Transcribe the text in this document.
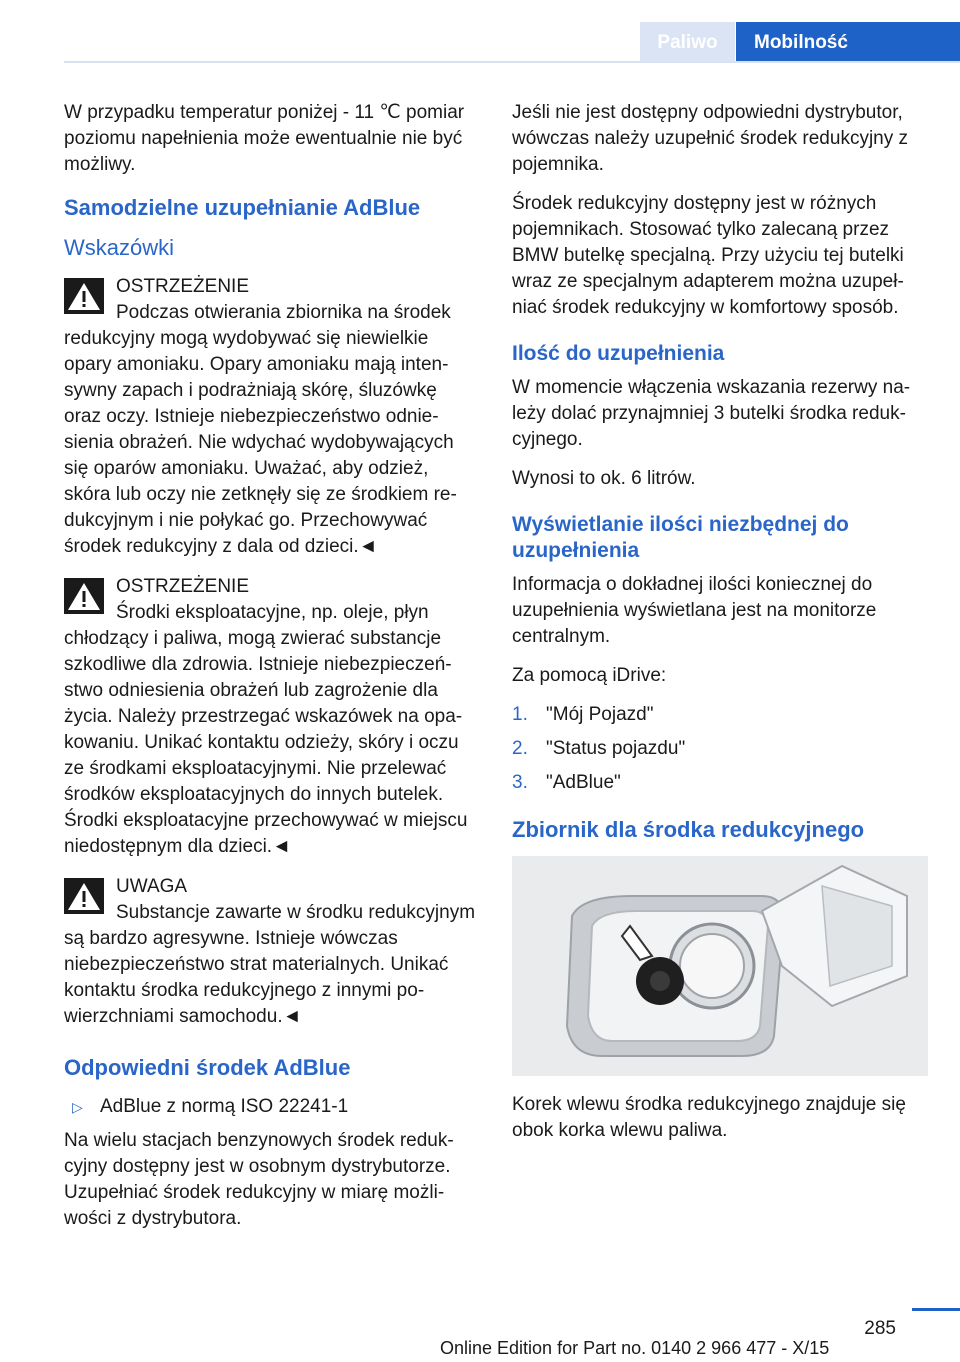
Paliwo	Mobilność

W przypadku temperatur poniżej - 11 ℃ pomiar poziomu napełnienia może ewentualnie nie być możliwy.

Samodzielne uzupełnianie AdBlue
Wskazówki
OSTRZEŻENIE

Podczas otwierania zbiornika na środek redukcyjny mogą wydobywać się niewielkie opary amoniaku. Opary amoniaku mają intensywny zapach i podrażniają skórę, śluzówkę oraz oczy. Istnieje niebezpieczeństwo odniesienia obrażeń. Nie wdychać wydobywających się oparów amoniaku. Uważać, aby odzież, skóra lub oczy nie zetknęły się ze środkiem redukcyjnym i nie połykać go. Przechowywać środek redukcyjny z dala od dzieci.◄

OSTRZEŻENIE

Środki eksploatacyjne, np. oleje, płyn chłodzący i paliwa, mogą zwierać substancje szkodliwe dla zdrowia. Istnieje niebezpieczeństwo odniesienia obrażeń lub zagrożenie dla życia. Należy przestrzegać wskazówek na opakowaniu. Unikać kontaktu odzieży, skóry i oczu ze środkami eksploatacyjnymi. Nie przelewać środków eksploatacyjnych do innych butelek. Środki eksploatacyjne przechowywać w miejscu niedostępnym dla dzieci.◄

UWAGA

Substancje zawarte w środku redukcyjnym są bardzo agresywne. Istnieje wówczas niebezpieczeństwo strat materialnych. Unikać kontaktu środka redukcyjnego z innymi powierzchniami samochodu.◄

Odpowiedni środek AdBlue
▷ AdBlue z normą ISO 22241-1

Na wielu stacjach benzynowych środek redukcyjny dostępny jest w osobnym dystrybutorze. Uzupełniać środek redukcyjny w miarę możliwości z dystrybutora.

Jeśli nie jest dostępny odpowiedni dystrybutor, wówczas należy uzupełnić środek redukcyjny z pojemnika.

Środek redukcyjny dostępny jest w różnych pojemnikach. Stosować tylko zalecaną przez BMW butelkę specjalną. Przy użyciu tej butelki wraz ze specjalnym adapterem można uzupełniać środek redukcyjny w komfortowy sposób.

Ilość do uzupełnienia

W momencie włączenia wskazania rezerwy należy dolać przynajmniej 3 butelki środka redukcyjnego.

Wynosi to ok. 6 litrów.

Wyświetlanie ilości niezbędnej do uzupełnienia

Informacja o dokładnej ilości koniecznej do uzupełnienia wyświetlana jest na monitorze centralnym.

Za pomocą iDrive:

1. "Mój Pojazd"
2. "Status pojazdu"
3. "AdBlue"
Zbiornik dla środka redukcyjnego

Korek wlewu środka redukcyjnego znajduje się obok korka wlewu paliwa.

285
Online Edition for Part no. 0140 2 966 477 - X/15
